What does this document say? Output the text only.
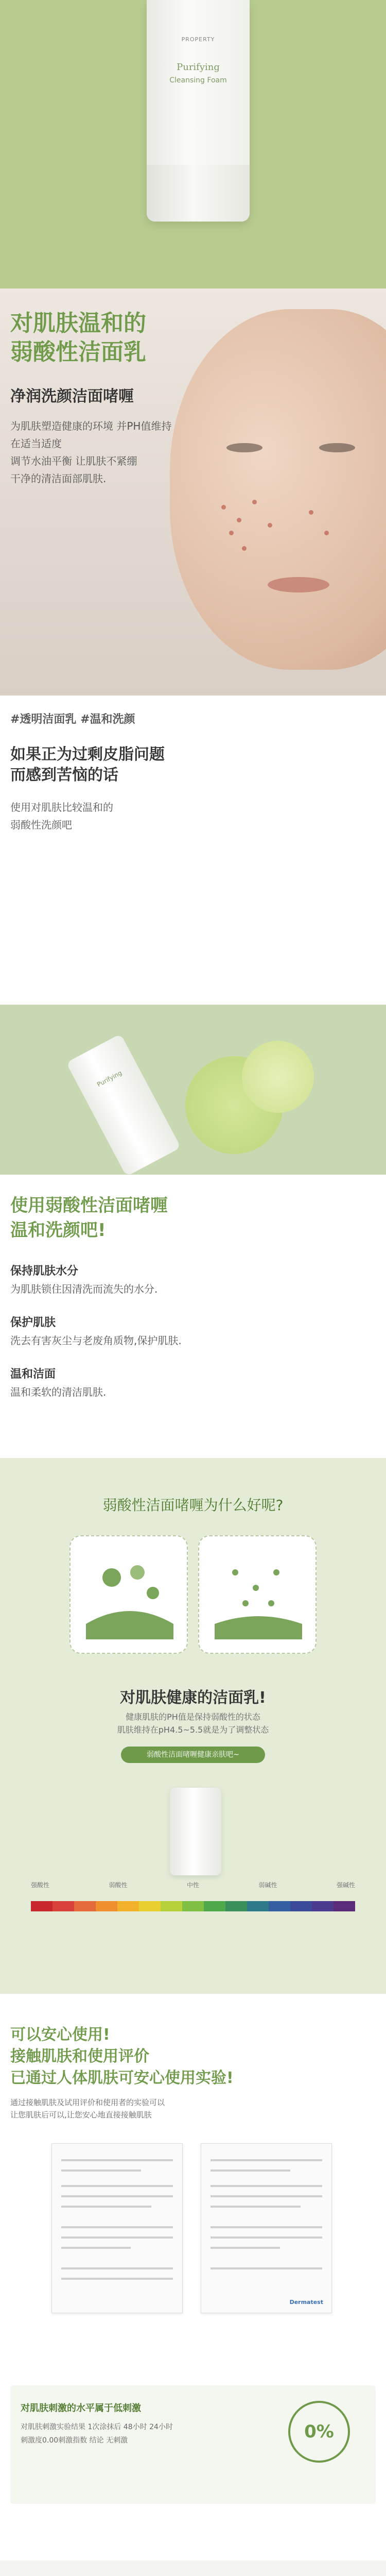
PROPERTY
Purifying
Cleansing Foam
对肌肤温和的
弱酸性洁面乳
净润洗颜洁面啫喱
为肌肤塑造健康的环境 并PH值维持在适当适度
调节水油平衡 让肌肤不紧绷
干净的清洁面部肌肤.
#透明洁面乳 #温和洗颜
如果正为过剩皮脂问题
而感到苦恼的话
使用对肌肤比较温和的
弱酸性洗颜吧
Purifying
使用弱酸性洁面啫喱
温和洗颜吧!
保持肌肤水分
为肌肤锁住因清洗而流失的水分.
保护肌肤
洗去有害灰尘与老废角质物,保护肌肤.
温和洁面
温和柔软的清洁肌肤.
弱酸性洁面啫喱为什么好呢?
对肌肤健康的洁面乳!
健康肌肤的PH值是保持弱酸性的状态
肌肤维持在pH4.5~5.5就是为了调整状态
弱酸性洁面啫喱健康亲肤吧~
强酸性	弱酸性	中性	弱碱性	强碱性
可以安心使用!
接触肌肤和使用评价
已通过人体肌肤可安心使用实验!
通过接触肌肤及试用评价和使用者的实验可以
让您肌肤后可以,让您安心地直接接触肌肤
Dermatest
对肌肤刺激的水平属于低刺激
对肌肤刺激实验结果 1次涂抹后 48小时 24小时
刺激度0.00刺激指数 结论 无刺激	0%
